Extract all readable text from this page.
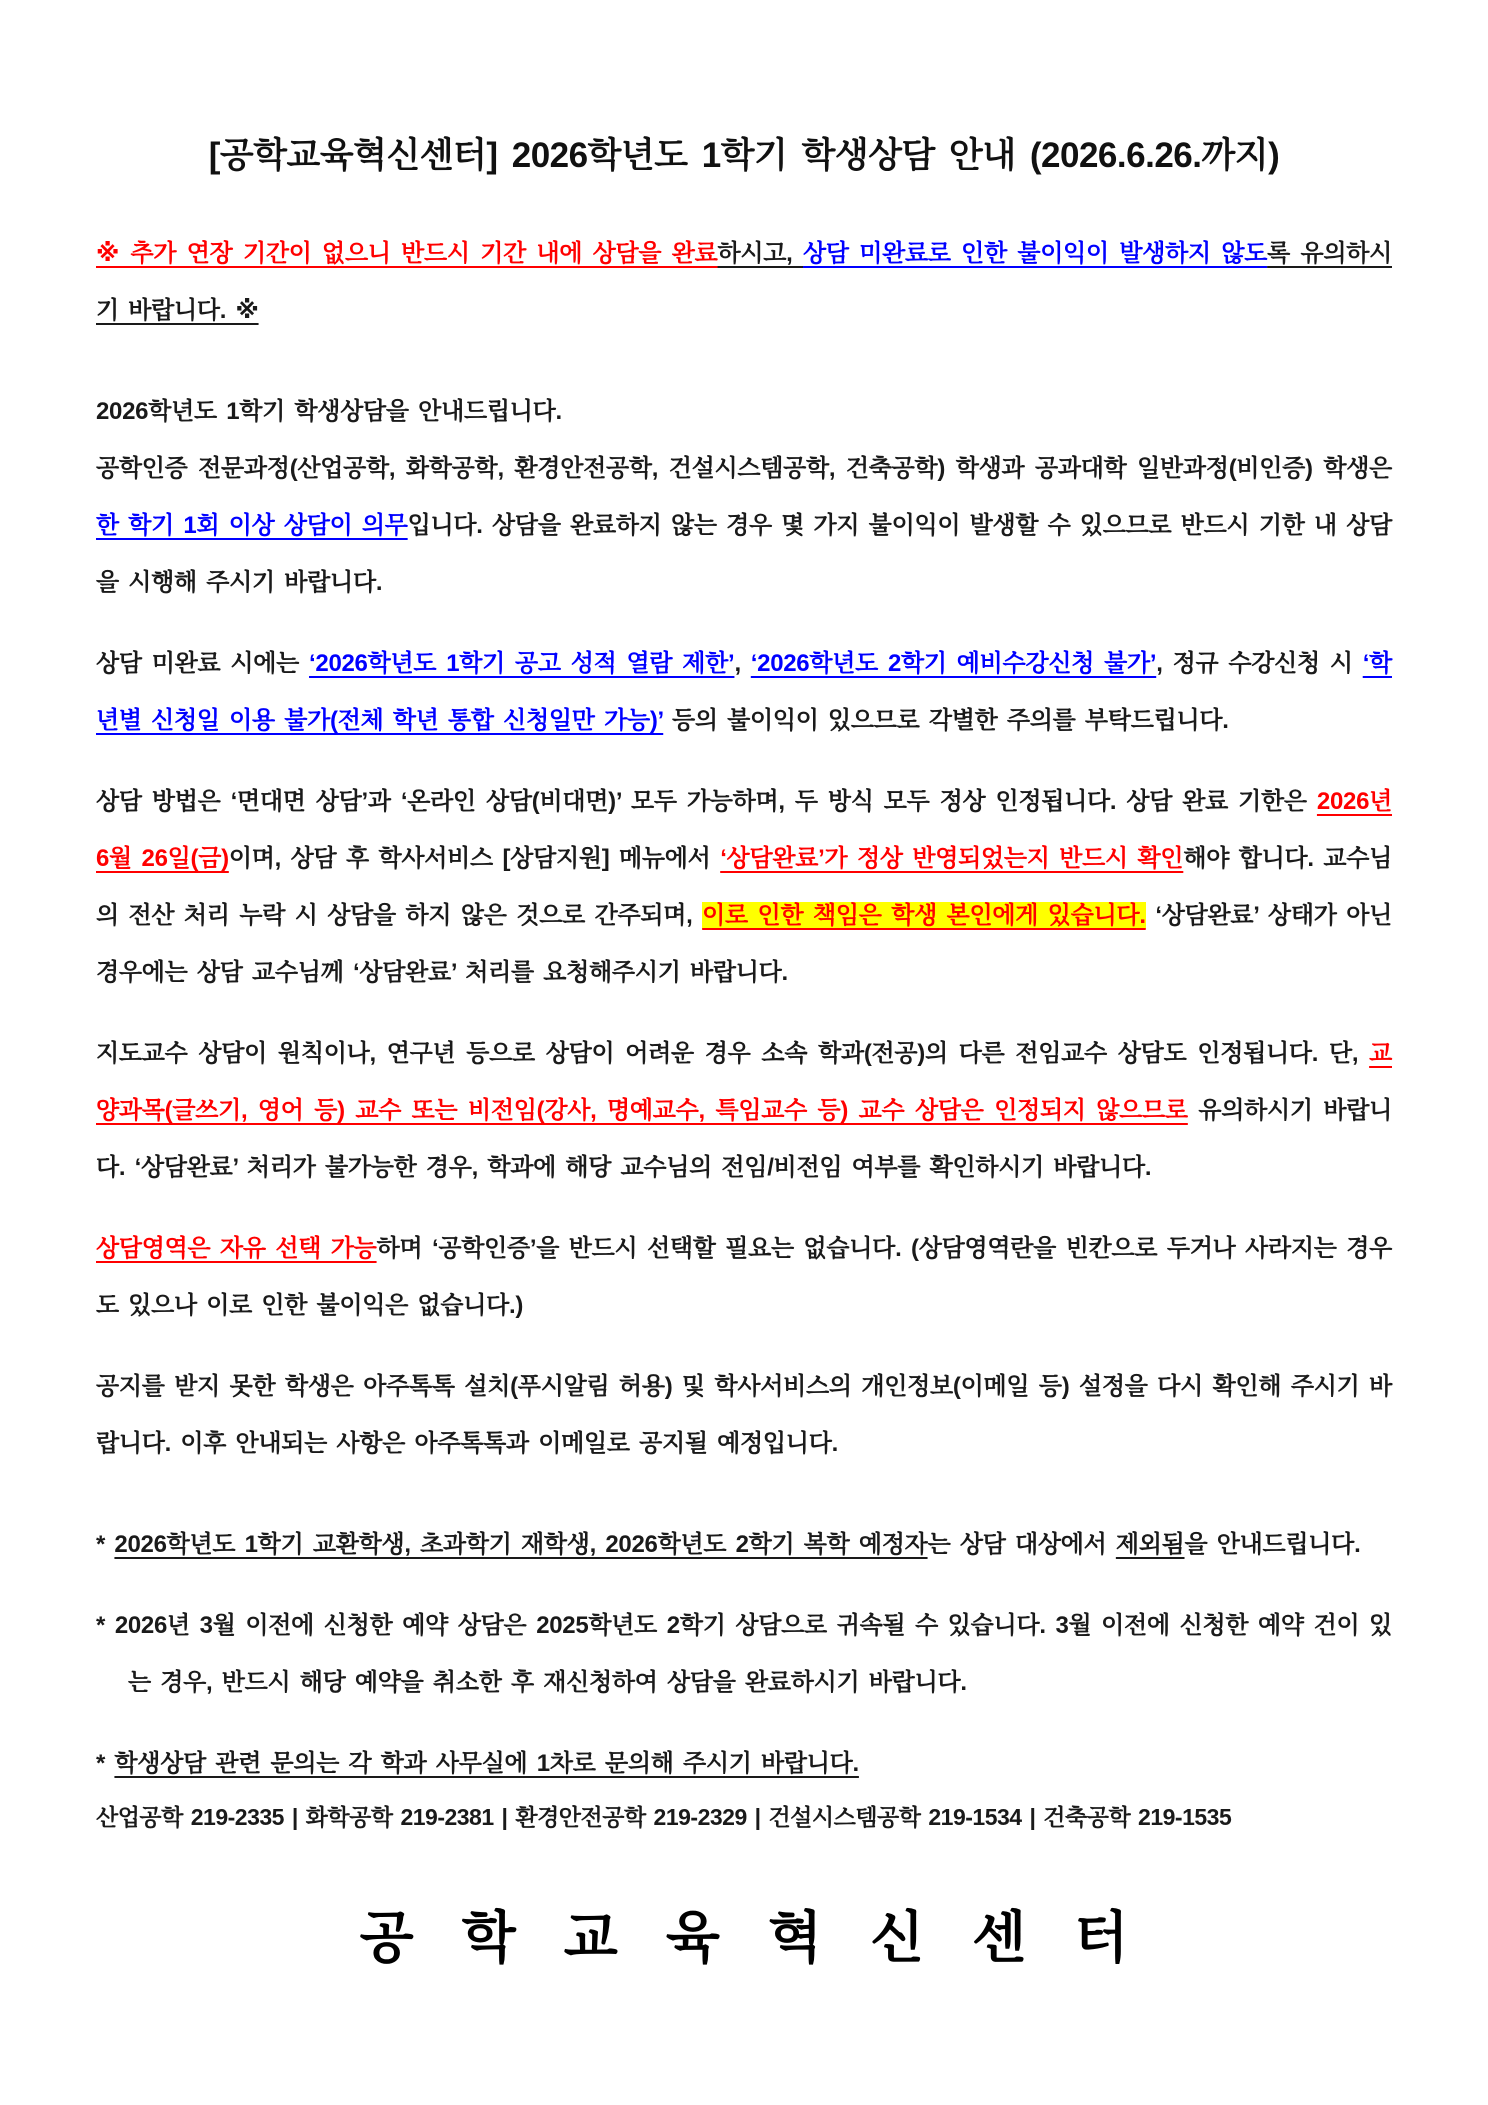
[공학교육혁신센터] 2026학년도 1학기 학생상담 안내 (2026.6.26.까지)

※ 추가 연장 기간이 없으니 반드시 기간 내에 상담을 완료하시고, 상담 미완료로 인한 불이익이 발생하지 않도록 유의하시기 바랍니다. ※

2026학년도 1학기 학생상담을 안내드립니다.
공학인증 전문과정(산업공학, 화학공학, 환경안전공학, 건설시스템공학, 건축공학) 학생과 공과대학 일반과정(비인증) 학생은 한 학기 1회 이상 상담이 의무입니다. 상담을 완료하지 않는 경우 몇 가지 불이익이 발생할 수 있으므로 반드시 기한 내 상담을 시행해 주시기 바랍니다.

상담 미완료 시에는 ‘2026학년도 1학기 공고 성적 열람 제한’, ‘2026학년도 2학기 예비수강신청 불가’, 정규 수강신청 시 ‘학년별 신청일 이용 불가(전체 학년 통합 신청일만 가능)’ 등의 불이익이 있으므로 각별한 주의를 부탁드립니다.

상담 방법은 ‘면대면 상담’과 ‘온라인 상담(비대면)’ 모두 가능하며, 두 방식 모두 정상 인정됩니다. 상담 완료 기한은 2026년 6월 26일(금)이며, 상담 후 학사서비스 [상담지원] 메뉴에서 ‘상담완료’가 정상 반영되었는지 반드시 확인해야 합니다. 교수님의 전산 처리 누락 시 상담을 하지 않은 것으로 간주되며, 이로 인한 책임은 학생 본인에게 있습니다. ‘상담완료’ 상태가 아닌 경우에는 상담 교수님께 ‘상담완료’ 처리를 요청해주시기 바랍니다.

지도교수 상담이 원칙이나, 연구년 등으로 상담이 어려운 경우 소속 학과(전공)의 다른 전임교수 상담도 인정됩니다. 단, 교양과목(글쓰기, 영어 등) 교수 또는 비전임(강사, 명예교수, 특임교수 등) 교수 상담은 인정되지 않으므로 유의하시기 바랍니다. ‘상담완료’ 처리가 불가능한 경우, 학과에 해당 교수님의 전임/비전임 여부를 확인하시기 바랍니다.

상담영역은 자유 선택 가능하며 ‘공학인증’을 반드시 선택할 필요는 없습니다. (상담영역란을 빈칸으로 두거나 사라지는 경우도 있으나 이로 인한 불이익은 없습니다.)

공지를 받지 못한 학생은 아주톡톡 설치(푸시알림 허용) 및 학사서비스의 개인정보(이메일 등) 설정을 다시 확인해 주시기 바랍니다. 이후 안내되는 사항은 아주톡톡과 이메일로 공지될 예정입니다.

* 2026학년도 1학기 교환학생, 초과학기 재학생, 2026학년도 2학기 복학 예정자는 상담 대상에서 제외됨을 안내드립니다.

* 2026년 3월 이전에 신청한 예약 상담은 2025학년도 2학기 상담으로 귀속될 수 있습니다. 3월 이전에 신청한 예약 건이 있는 경우, 반드시 해당 예약을 취소한 후 재신청하여 상담을 완료하시기 바랍니다.

* 학생상담 관련 문의는 각 학과 사무실에 1차로 문의해 주시기 바랍니다.

산업공학 219-2335 | 화학공학 219-2381 | 환경안전공학 219-2329 | 건설시스템공학 219-1534 | 건축공학 219-1535
공학교육혁신센터
